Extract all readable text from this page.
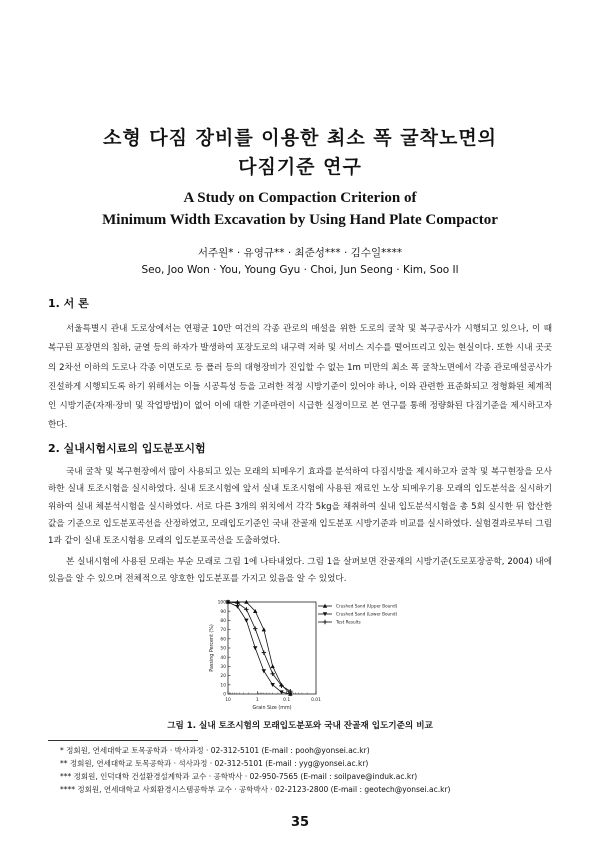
소형 다짐 장비를 이용한 최소 폭 굴착노면의
다짐기준 연구
A Study on Compaction Criterion of
Minimum Width Excavation by Using Hand Plate Compactor
서주원* · 유영규** · 최준성*** · 김수일****
Seo, Joo Won · You, Young Gyu · Choi, Jun Seong · Kim, Soo Il
1. 서 론
서울특별시 관내 도로상에서는 연평균 10만 여건의 각종 관로의 매설을 위한 도로의 굴착 및 복구공사가 시행되고 있으나, 이 때 복구된 포장면의 침하, 균열 등의 하자가 발생하여 포장도로의 내구력 저하 및 서비스 지수를 떨어뜨리고 있는 현실이다. 또한 시내 곳곳의 2차선 이하의 도로나 각종 이면도로 등 폴러 등의 대형장비가 진입할 수 없는 1m 미만의 최소 폭 굴착노면에서 각종 관로매설공사가 진설하게 시행되도록 하기 위해서는 이들 시공특성 등을 고려한 적정 시방기준이 있어야 하나, 이와 관련한 표준화되고 정형화된 체계적인 시방기준(자재·장비 및 작업방법)이 없어 이에 대한 기준마련이 시급한 실정이므로 본 연구를 통해 정량화된 다짐기준을 제시하고자 한다.
2. 실내시험시료의 입도분포시험
국내 굴착 및 복구현장에서 많이 사용되고 있는 모래의 되메우기 효과를 분석하여 다짐시방을 제시하고자 굴착 및 복구현장을 모사하한 실내 토조시험을 실시하였다. 실내 토조시험에 앞서 실내 토조시험에 사용된 재료인 노상 되메우기용 모래의 입도분석을 실시하기 위하여 실내 체분석시험을 실시하였다. 서로 다른 3개의 위치에서 각각 5kg을 채취하여 실내 입도분석시험을 총 5회 실시한 뒤 합산한 값을 기준으로 입도분포곡선을 산정하였고, 모래입도기준인 국내 잔골재 입도분포 시방기준과 비교를 실시하였다. 실험결과로부터 그림 1과 같이 실내 토조시험용 모래의 입도분포곡선을 도출하였다.
본 실내시험에 사용된 모래는 부순 모래로 그림 1에 나타내었다. 그림 1을 살펴보면 잔골재의 시방기준(도로포장공학, 2004) 내에 있음을 알 수 있으며 전체적으로 양호한 입도분포를 가지고 있음을 알 수 있었다.
0
10
20
30
40
50
60
70
80
90
100
10	1	0.1	0.01
Grain Size (mm)
Passing Percent (%)
Crushed Sand (Upper Bound)
Crushed Sand (Lower Bound)
Test Results
그림 1. 실내 토조시험의 모래입도분포와 국내 잔골재 입도기준의 비교
* 정회원, 연세대학교 토목공학과 · 박사과정 · 02-312-5101 (E-mail : pooh@yonsei.ac.kr)
** 정회원, 연세대학교 토목공학과 · 석사과정 · 02-312-5101 (E-mail : yyg@yonsei.ac.kr)
*** 정회원, 인덕대학 건설환경설계학과 교수 · 공학박사 · 02-950-7565 (E-mail : soilpave@induk.ac.kr)
**** 정회원, 연세대학교 사회환경시스템공학부 교수 · 공학박사 · 02-2123-2800 (E-mail : geotech@yonsei.ac.kr)
35
